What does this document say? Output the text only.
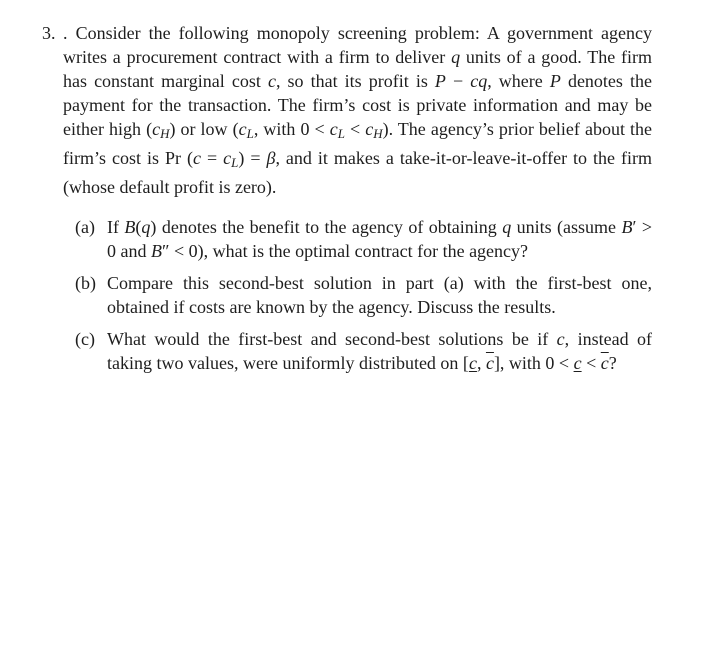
3. . Consider the following monopoly screening problem: A government agency writes a procurement contract with a firm to deliver q units of a good. The firm has constant marginal cost c, so that its profit is P − cq, where P denotes the payment for the transaction. The firm’s cost is private information and may be either high (cH) or low (cL, with 0 < cL < cH). The agency’s prior belief about the firm’s cost is Pr (c = cL) = β, and it makes a take-it-or-leave-it-offer to the firm (whose default profit is zero).

(a) If B(q) denotes the benefit to the agency of obtaining q units (assume B′ > 0 and B″ < 0), what is the optimal contract for the agency?

(b) Compare this second-best solution in part (a) with the first-best one, obtained if costs are known by the agency. Discuss the results.

(c) What would the first-best and second-best solutions be if c, instead of taking two values, were uniformly distributed on [c, $\overline{c}$], with $0 < c < \overline{c}$?
